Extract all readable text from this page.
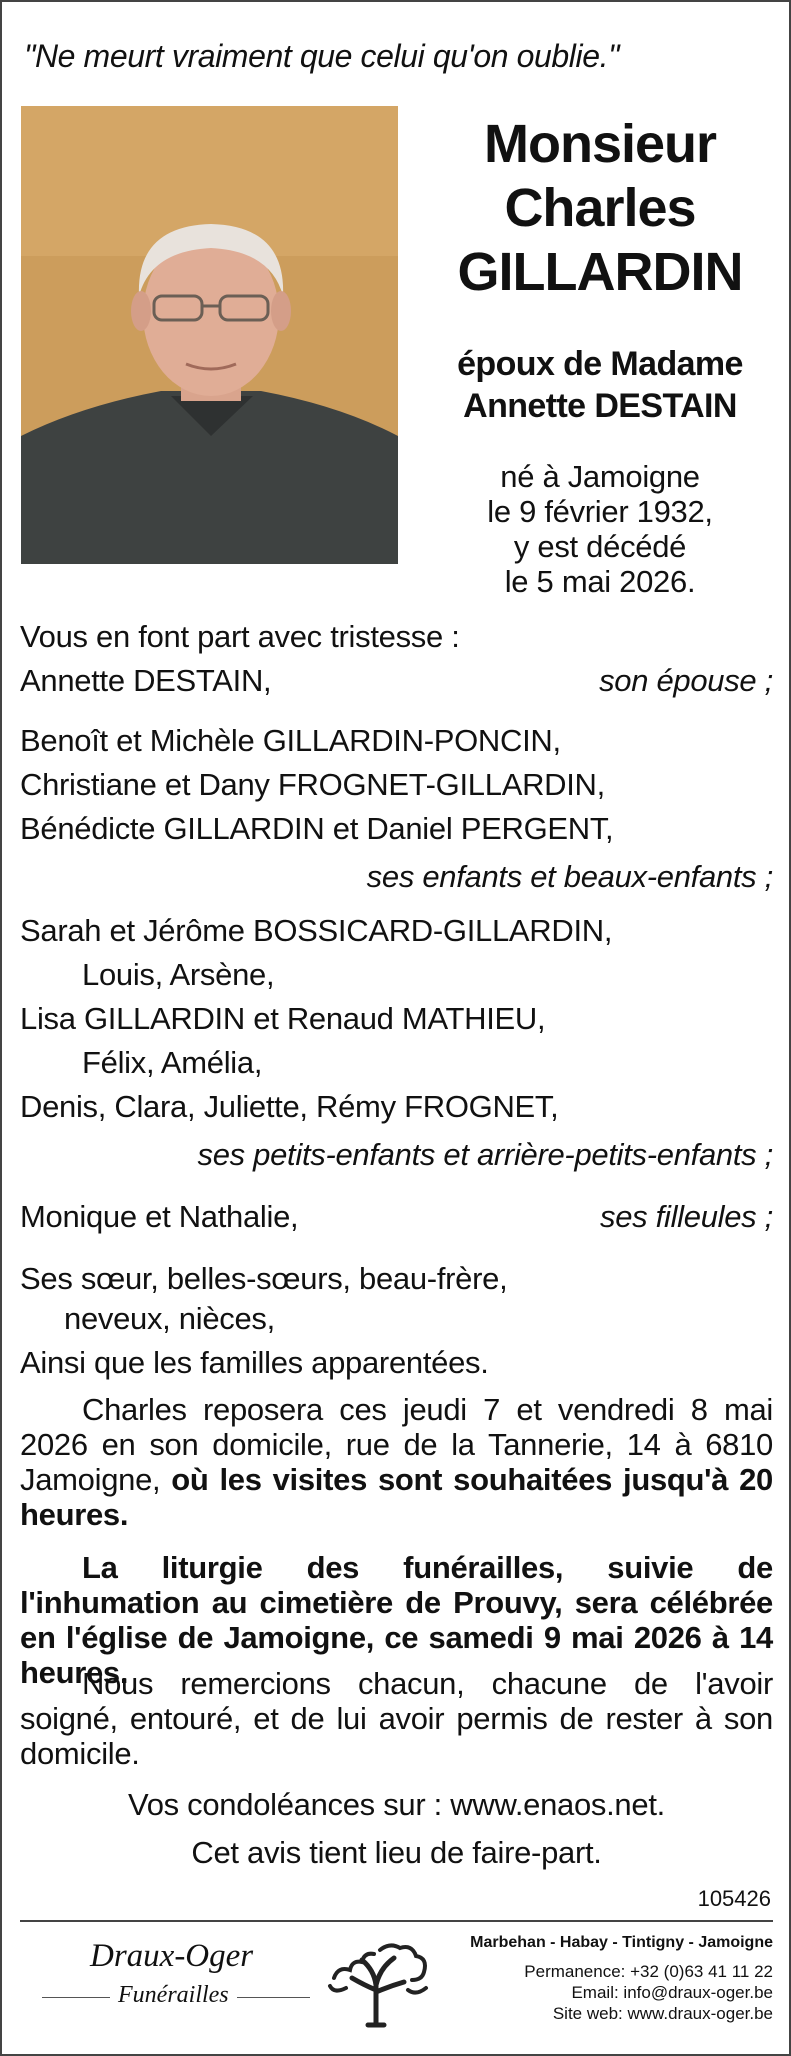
"Ne meurt vraiment que celui qu'on oublie."
Monsieur
Charles
GILLARDIN
époux de Madame
Annette DESTAIN
né à Jamoigne
le 9 février 1932,
y est décédé
le 5 mai 2026.
Vous en font part avec tristesse :
Annette DESTAIN,	son épouse ;
Benoît et Michèle GILLARDIN-PONCIN,
Christiane et Dany FROGNET-GILLARDIN,
Bénédicte GILLARDIN et Daniel PERGENT,
ses enfants et beaux-enfants ;
Sarah et Jérôme BOSSICARD-GILLARDIN,
Louis, Arsène,
Lisa GILLARDIN et Renaud MATHIEU,
Félix, Amélia,
Denis, Clara, Juliette, Rémy FROGNET,
ses petits-enfants et arrière-petits-enfants ;
Monique et Nathalie,	ses filleules ;
Ses sœur, belles-sœurs, beau-frère,
neveux, nièces,
Ainsi que les familles apparentées.
Charles reposera ces jeudi 7 et vendredi 8 mai 2026 en son domicile, rue de la Tannerie, 14 à 6810 Jamoigne, où les visites sont souhaitées jusqu'à 20 heures.
La liturgie des funérailles, suivie de l'inhumation au cimetière de Prouvy, sera célébrée en l'église de Jamoigne, ce samedi 9 mai 2026 à 14 heures.
Nous remercions chacun, chacune de l'avoir soigné, entouré, et de lui avoir permis de rester à son domicile.
Vos condoléances sur : www.enaos.net.
Cet avis tient lieu de faire-part.
105426
Draux-Oger
Funérailles
Marbehan - Habay - Tintigny - Jamoigne
Permanence: +32 (0)63 41 11 22
Email: info@draux-oger.be
Site web: www.draux-oger.be
